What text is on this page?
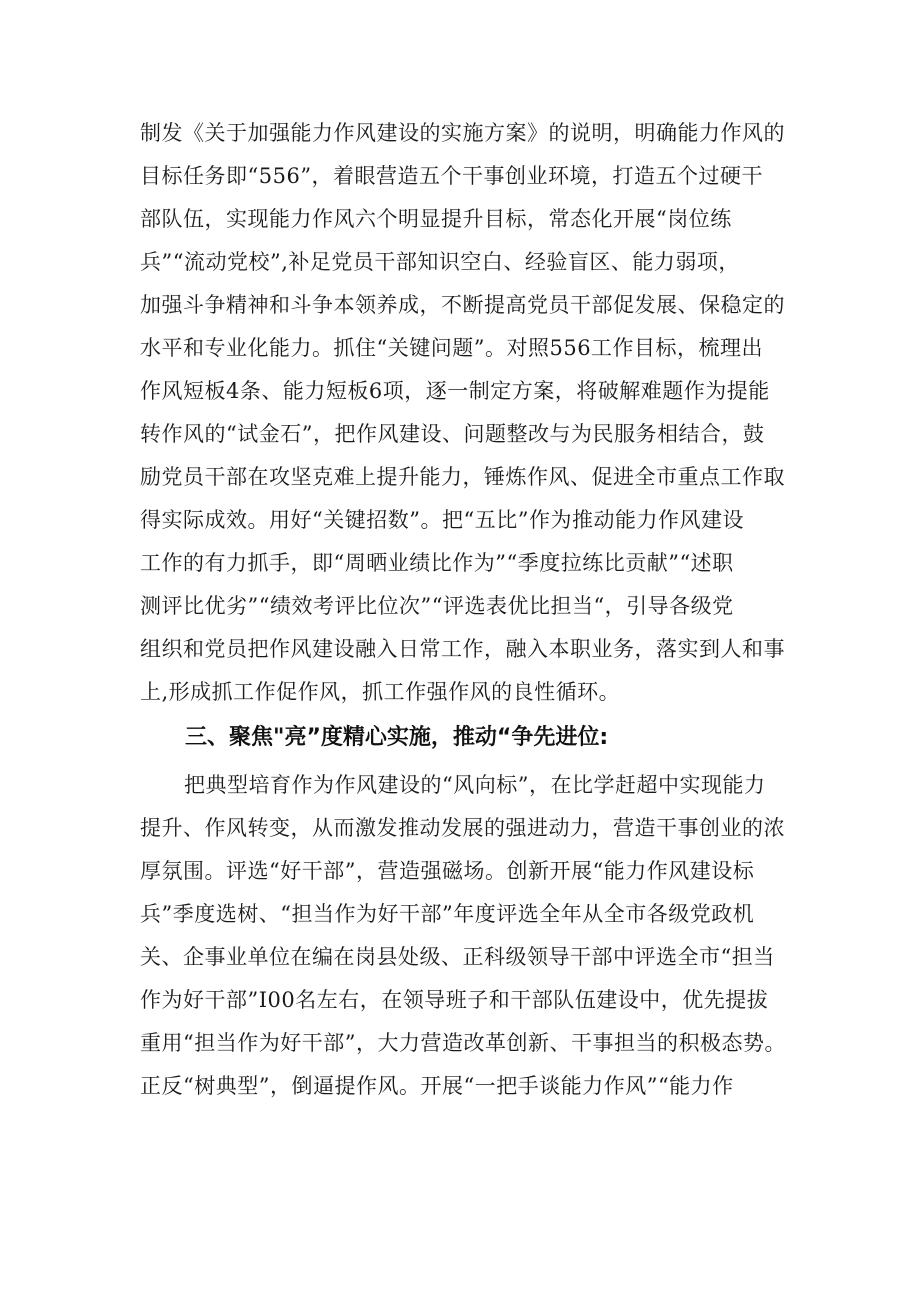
制发《关于加强能力作风建设的实施方案》的说明，明确能力作风的
目标任务即“556”，着眼营造五个干事创业环境，打造五个过硬干
部队伍，实现能力作风六个明显提升目标，常态化开展“岗位练
兵”“流动党校”,补足党员干部知识空白、经验盲区、能力弱项，
加强斗争精神和斗争本领养成，不断提高党员干部促发展、保稳定的
水平和专业化能力。抓住“关键问题”。对照556工作目标，梳理出
作风短板4条、能力短板6项，逐一制定方案，将破解难题作为提能
转作风的“试金石”，把作风建设、问题整改与为民服务相结合，鼓
励党员干部在攻坚克难上提升能力，锤炼作风、促进全市重点工作取
得实际成效。用好“关键招数”。把“五比”作为推动能力作风建设
工作的有力抓手，即“周晒业绩比作为”“季度拉练比贡献”“述职
测评比优劣”“绩效考评比位次”“评选表优比担当“，引导各级党
组织和党员把作风建设融入日常工作，融入本职业务，落实到人和事
上,形成抓工作促作风，抓工作强作风的良性循环。
三、聚焦"亮”度精心实施，推动“争先进位:
把典型培育作为作风建设的“风向标”，在比学赶超中实现能力
提升、作风转变，从而激发推动发展的强进动力，营造干事创业的浓
厚氛围。评选“好干部”，营造强磁场。创新开展“能力作风建设标
兵”季度选树、“担当作为好干部”年度评选全年从全市各级党政机
关、企事业单位在编在岗县处级、正科级领导干部中评选全市“担当
作为好干部”I00名左右，在领导班子和干部队伍建设中，优先提拔
重用“担当作为好干部”，大力营造改革创新、干事担当的积极态势。
正反“树典型”，倒逼提作风。开展“一把手谈能力作风”“能力作
